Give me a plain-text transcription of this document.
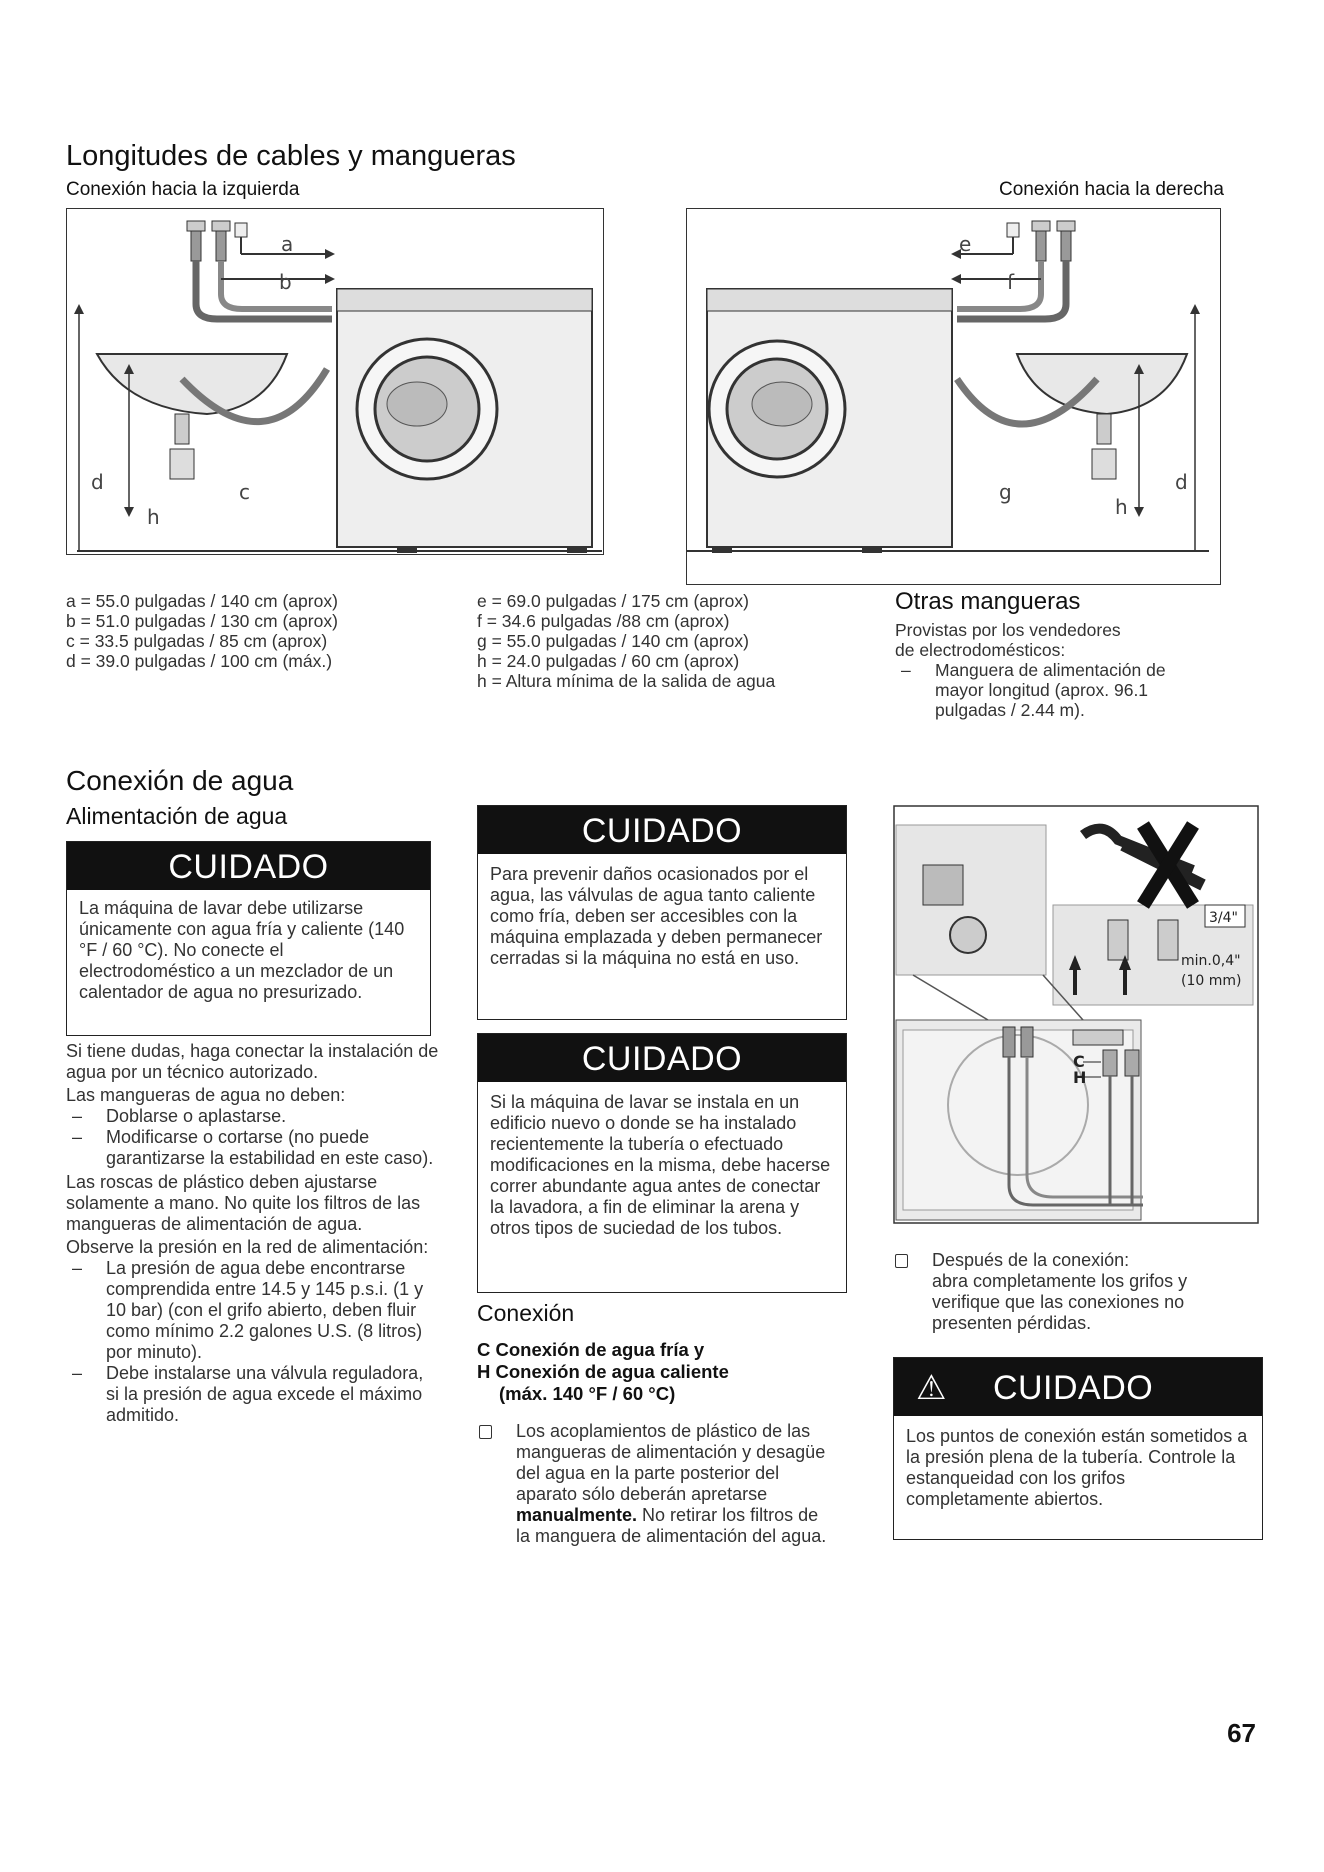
Longitudes de cables y mangueras
Conexión hacia la izquierda	Conexión hacia la derecha
a
b
c
d
h
e
f
g
h
d
a = 55.0 pulgadas / 140 cm (aprox)
b = 51.0 pulgadas / 130 cm (aprox)
c = 33.5 pulgadas / 85 cm (aprox)
d = 39.0 pulgadas / 100 cm (máx.)
e = 69.0 pulgadas / 175 cm (aprox)
f = 34.6 pulgadas /88 cm (aprox)
g = 55.0 pulgadas / 140 cm (aprox)
h = 24.0 pulgadas / 60 cm (aprox)
h = Altura mínima de la salida de agua
Otras mangueras
Provistas por los vendedores
de electrodomésticos:
–	Manguera de alimentación de mayor longitud (aprox. 96.1 pulgadas / 2.44 m).
Conexión de agua
Alimentación de agua
CUIDADO
La máquina de lavar debe utilizarse únicamente con agua fría y caliente (140 °F / 60 °C). No conecte el electrodoméstico a un mezclador de un calentador de agua no presurizado.

Si tiene dudas, haga conectar la instalación de agua por un técnico autorizado.

Las mangueras de agua no deben:

–	Doblarse o aplastarse.
–	Modificarse o cortarse (no puede garantizarse la estabilidad en este caso).

Las roscas de plástico deben ajustarse solamente a mano. No quite los filtros de las mangueras de alimentación de agua.

Observe la presión en la red de alimentación:

–	La presión de agua debe encontrarse comprendida entre 14.5 y 145 p.s.i. (1 y 10 bar) (con el grifo abierto, deben fluir como mínimo 2.2 galones U.S. (8 litros) por minuto).
–	Debe instalarse una válvula reguladora, si la presión de agua excede el máximo admitido.
CUIDADO
Para prevenir daños ocasionados por el agua, las válvulas de agua tanto caliente como fría, deben ser accesibles con la máquina emplazada y deben permanecer cerradas si la máquina no está en uso.
CUIDADO
Si la máquina de lavar se instala en un edificio nuevo o donde se ha instalado recientemente la tubería o efectuado modificaciones en la misma, debe hacerse correr abundante agua antes de conectar la lavadora, a fin de eliminar la arena y otros tipos de suciedad de los tubos.
Conexión
C Conexión de agua fría y
H Conexión de agua caliente
(máx. 140 °F / 60 °C)
Los acoplamientos de plástico de las mangueras de alimentación y desagüe del agua en la parte posterior del aparato sólo deberán apretarse manualmente. No retirar los filtros de la manguera de alimentación del agua.
3/4"
min.0,4"
(10 mm)
C
H
Después de la conexión:
abra completamente los grifos y verifique que las conexiones no presenten pérdidas.
⚠ CUIDADO
Los puntos de conexión están sometidos a la presión plena de la tubería. Controle la estanqueidad con los grifos completamente abiertos.
67
